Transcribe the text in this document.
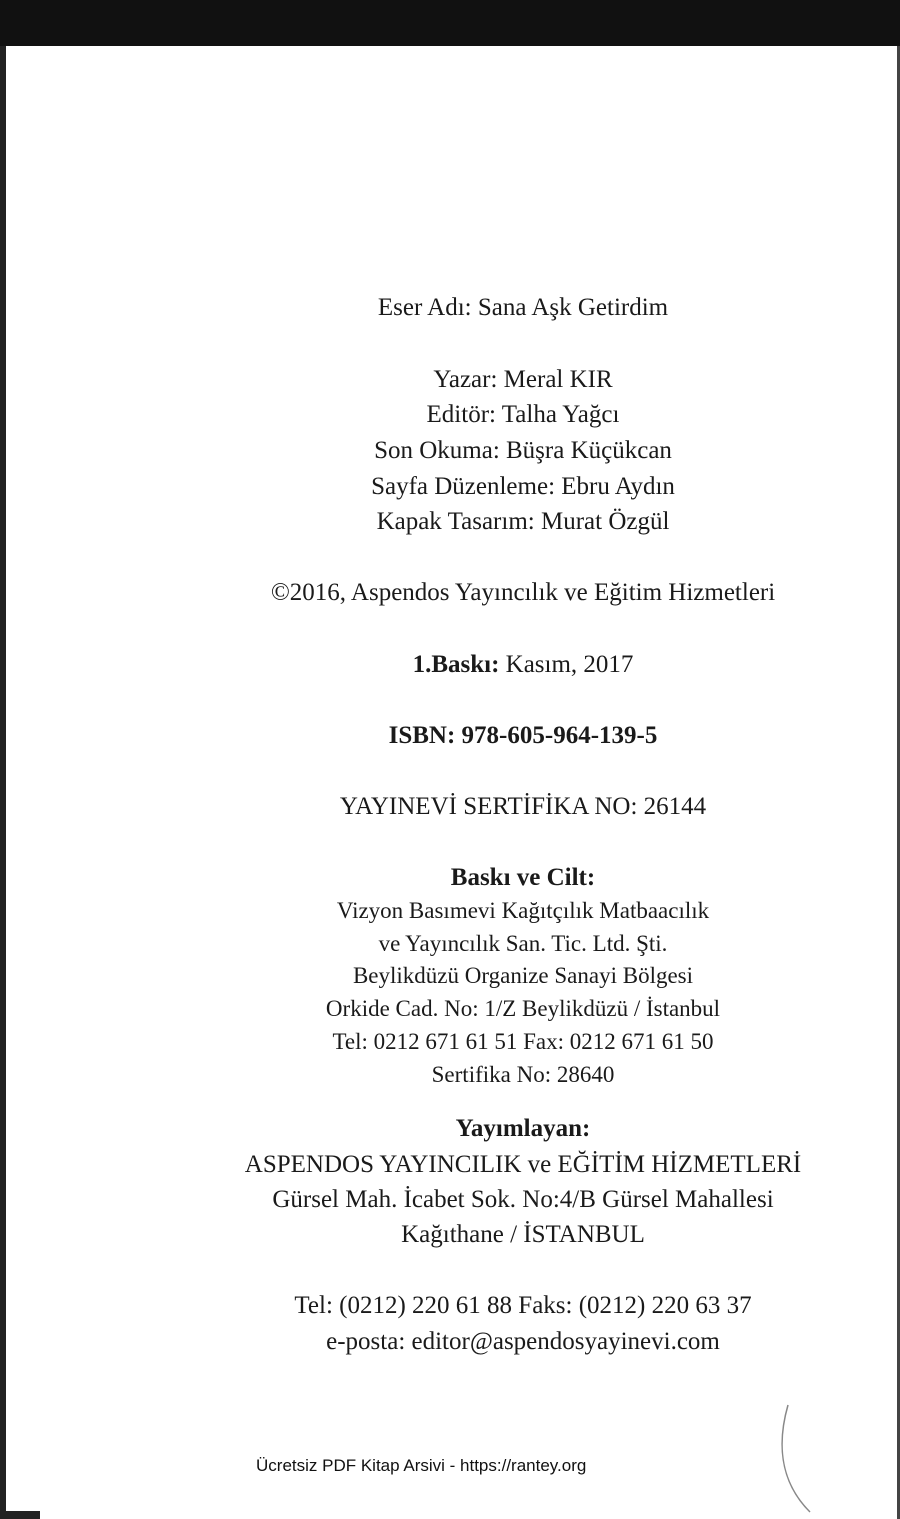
Eser Adı: Sana Aşk Getirdim
Yazar: Meral KIR
Editör: Talha Yağcı
Son Okuma: Büşra Küçükcan
Sayfa Düzenleme: Ebru Aydın
Kapak Tasarım: Murat Özgül
©2016, Aspendos Yayıncılık ve Eğitim Hizmetleri
1.Baskı: Kasım, 2017
ISBN: 978-605-964-139-5
YAYINEVİ SERTİFİKA NO: 26144
Baskı ve Cilt:
Vizyon Basımevi Kağıtçılık Matbaacılık
ve Yayıncılık San. Tic. Ltd. Şti.
Beylikdüzü Organize Sanayi Bölgesi
Orkide Cad. No: 1/Z Beylikdüzü / İstanbul
Tel: 0212 671 61 51 Fax: 0212 671 61 50
Sertifika No: 28640
Yayımlayan:
ASPENDOS YAYINCILIK ve EĞİTİM HİZMETLERİ
Gürsel Mah. İcabet Sok. No:4/B Gürsel Mahallesi
Kağıthane / İSTANBUL
Tel: (0212) 220 61 88 Faks: (0212) 220 63 37
e-posta: editor@aspendosyayinevi.com
Ücretsiz PDF Kitap Arsivi - https://rantey.org
